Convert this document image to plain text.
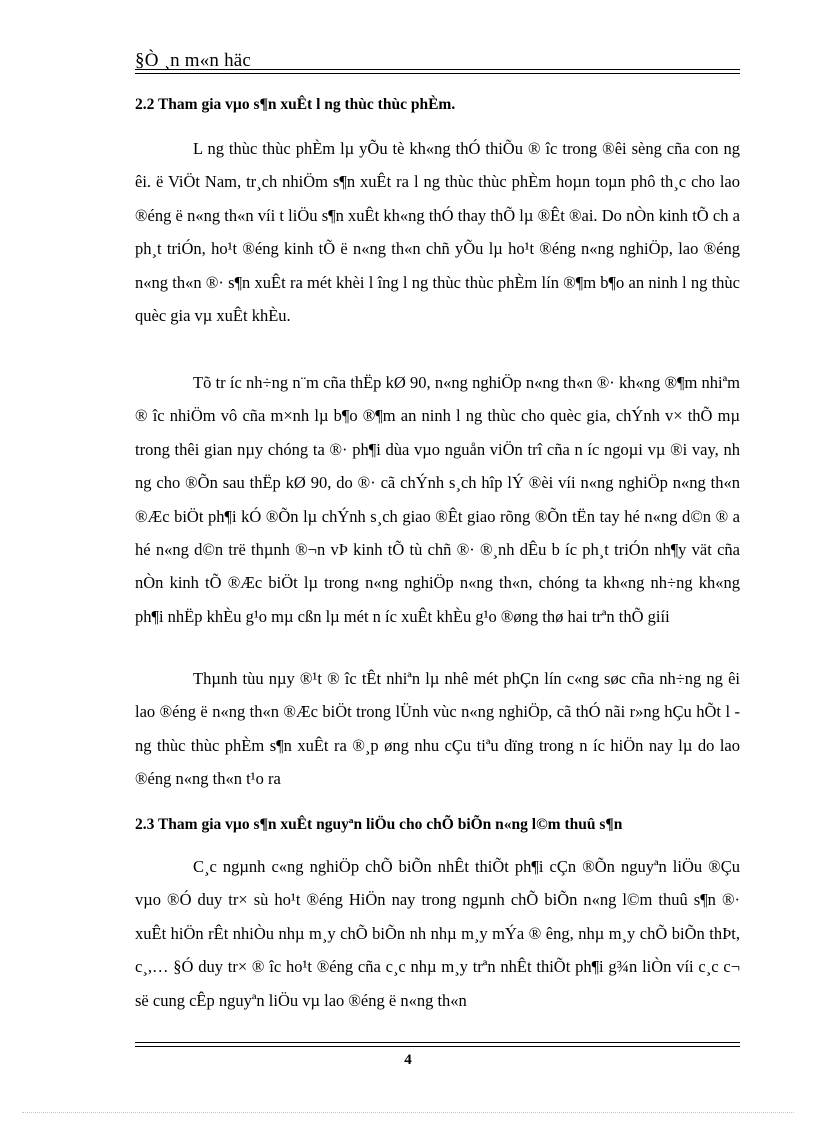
§Ò ¸n m«n häc
2.2 Tham gia vµo s¶n xuÊt l ng thùc thùc phÈm.
L ng thùc thùc phÈm lµ yÕu tè kh«ng thÓ thiÕu ® îc trong ®êi sèng cña con ng êi. ë ViÖt Nam, tr¸ch nhiÖm s¶n xuÊt ra l ng thùc thùc phÈm hoµn toµn phô th¸c cho lao ®éng ë n«ng th«n víi t liÖu s¶n xuÊt kh«ng thÓ thay thÕ lµ ®Êt ®ai. Do nÒn kinh tÕ ch a ph¸t triÓn, ho¹t ®éng kinh tÕ ë n«ng th«n chñ yÕu lµ ho¹t ®éng n«ng nghiÖp, lao ®éng n«ng th«n ®· s¶n xuÊt ra mét khèi l îng l ng thùc thùc phÈm lín ®¶m b¶o an ninh l ng thùc quèc gia vµ xuÊt khÈu.
Tõ tr íc nh÷ng n¨m cña thËp kØ 90, n«ng nghiÖp n«ng th«n ®· kh«ng ®¶m nhiªm ® îc nhiÖm vô cña m×nh lµ b¶o ®¶m an ninh l ng thùc cho quèc gia, chÝnh v× thÕ mµ trong thêi gian nµy chóng ta ®· ph¶i dùa vµo nguån viÖn trî cña n íc ngoµi vµ ®i vay, nh ng cho ®Õn sau thËp kØ 90, do ®· cã chÝnh s¸ch hîp lÝ ®èi víi n«ng nghiÖp n«ng th«n ®Æc biÖt ph¶i kÓ ®Õn lµ chÝnh s¸ch giao ®Êt giao rõng ®Õn tËn tay hé n«ng d©n ® a hé n«ng d©n trë thµnh ®¬n vÞ kinh tÕ tù chñ ®· ®¸nh dÊu b íc ph¸t triÓn nh¶y vät cña nÒn kinh tÕ ®Æc biÖt lµ trong n«ng nghiÖp n«ng th«n, chóng ta kh«ng nh÷ng kh«ng ph¶i nhËp khÈu g¹o mµ cßn lµ mét n íc xuÊt khÈu g¹o ®øng thø hai trªn thÕ giíi
Thµnh tùu nµy ®¹t ® îc tÊt nhiªn lµ nhê mét phÇn lín c«ng søc cña nh÷ng ng êi lao ®éng ë n«ng th«n ®Æc biÖt trong lÜnh vùc n«ng nghiÖp, cã thÓ nãi r»ng hÇu hÕt l ng thùc thùc phÈm s¶n xuÊt ra ®¸p øng nhu cÇu tiªu dïng trong n íc hiÖn nay lµ do lao ®éng n«ng th«n t¹o ra
2.3 Tham gia vµo s¶n xuÊt nguyªn liÖu cho chÕ biÕn n«ng l©m thuû s¶n
C¸c ngµnh c«ng nghiÖp chÕ biÕn nhÊt thiÕt ph¶i cÇn ®Õn nguyªn liÖu ®Çu vµo ®Ó duy tr× sù ho¹t ®éng HiÖn nay trong ngµnh chÕ biÕn n«ng l©m thuû s¶n ®· xuÊt hiÖn rÊt nhiÒu nhµ m¸y chÕ biÕn nh nhµ m¸y mÝa ® êng, nhµ m¸y chÕ biÕn thÞt, c¸,… §Ó duy tr× ® îc ho¹t ®éng cña c¸c nhµ m¸y trªn nhÊt thiÕt ph¶i g¾n liÒn víi c¸c c¬ së cung cÊp nguyªn liÖu vµ lao ®éng ë n«ng th«n
4
